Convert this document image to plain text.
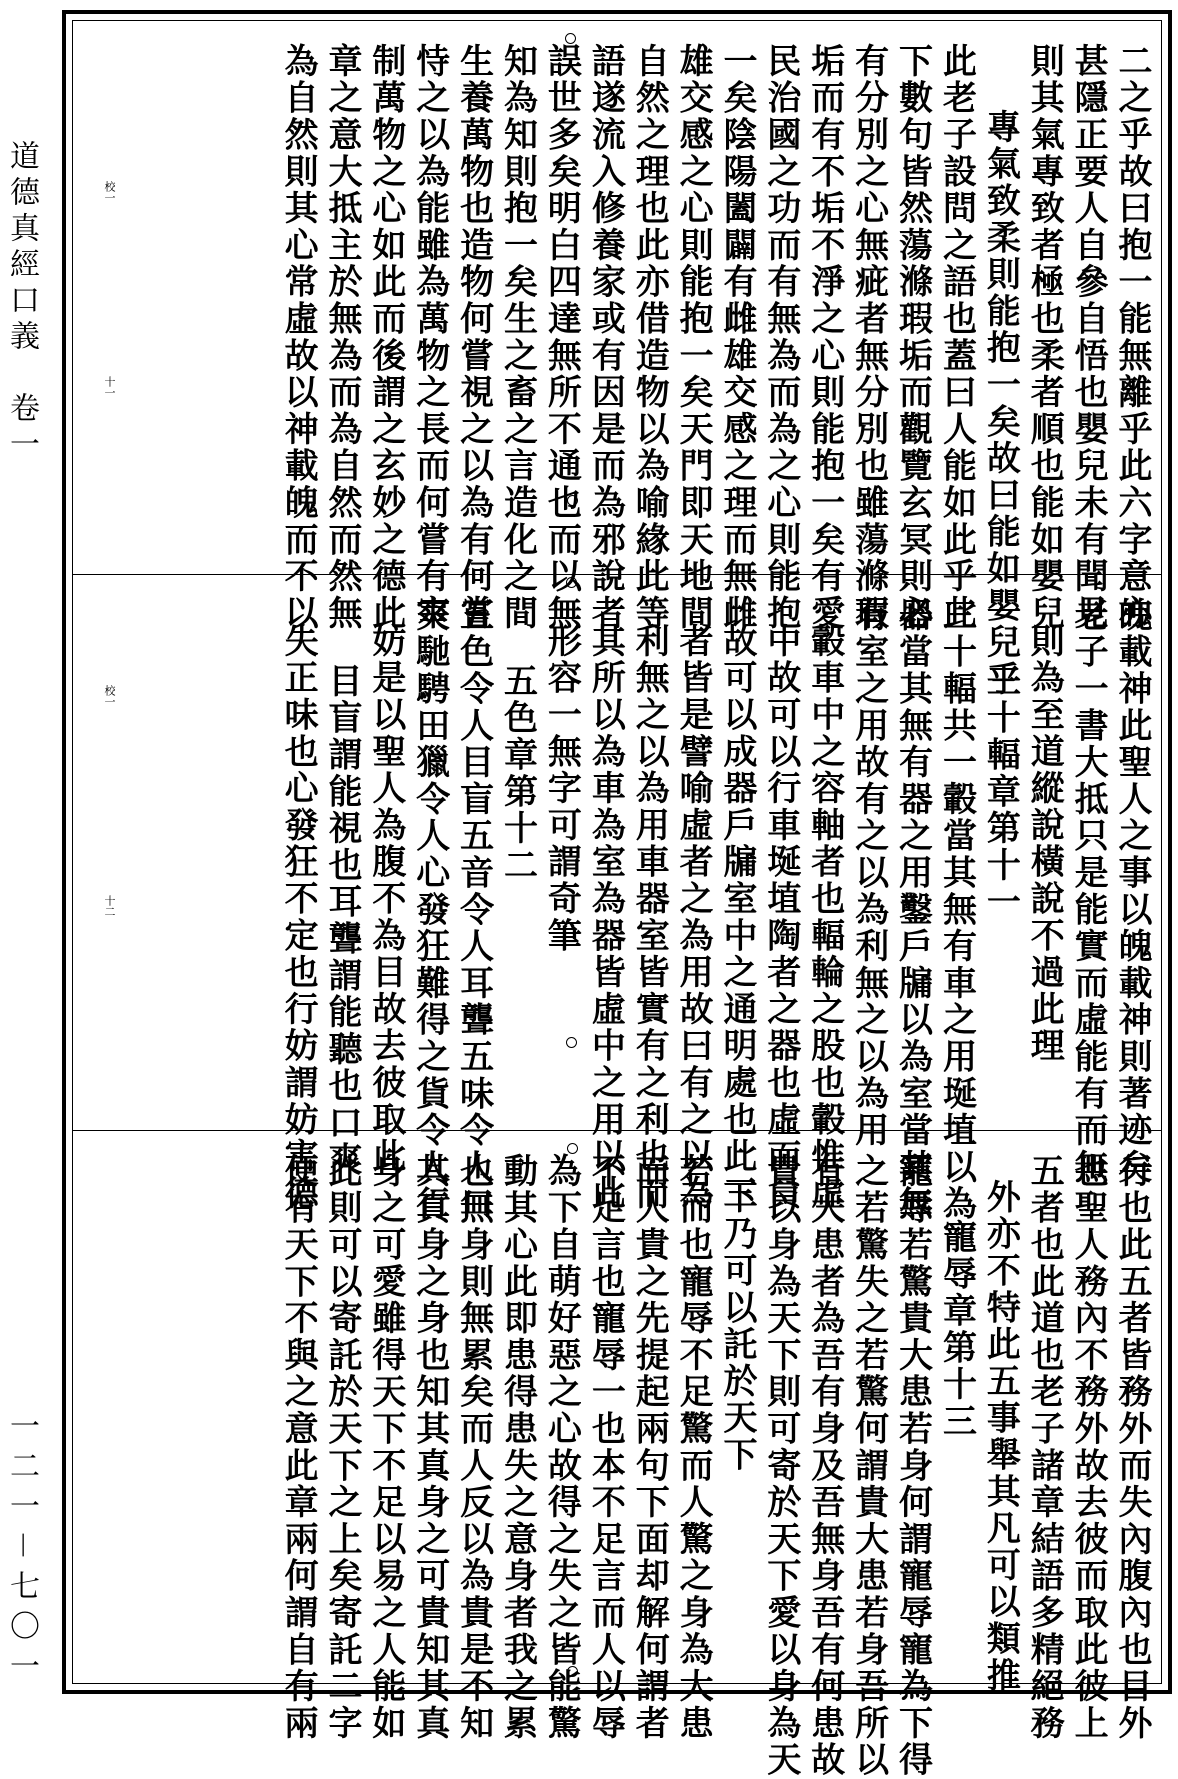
道德真經口義　卷一
一二一－七〇一
二之乎故曰抱一能無離乎此六字意亦
甚隱正要人自參自悟也嬰兒未有聞見
則其氣專致者極也柔者順也能如嬰兒
專氣致柔則能抱一矣故曰能如嬰兒乎
此老子設問之語也蓋曰人能如此乎此
下數句皆然蕩滌瑕垢而觀覽玄冥則必
有分別之心無疵者無分別也雖蕩滌瑕
垢而有不垢不淨之心則能抱一矣有愛
民治國之功而有無為而為之心則能抱
一矣陰陽闔闢有雌雄交感之理而無雌
雄交感之心則能抱一矣天門即天地間
自然之理也此亦借造物以為喻緣此等
語遂流入修養家或有因是而為邪說者
誤世多矣明白四達無所不通也而以無
知為知則抱一矣生之畜之言造化之間
生養萬物也造物何嘗視之以為有何嘗
恃之以為能雖為萬物之長而何嘗有宰
制萬物之心如此而後謂之玄妙之德此
章之意大抵主於無為而為自然而然無
為自然則其心常虛故以神載魄而不以
十一
校一
魄載神此聖人之事以魄載神則著迹矣
老子一書大抵只是能實而虛能有而無
則為至道縱說橫說不過此理
三十輻章第十一
三十輻共一轂當其無有車之用埏埴以為
器當其無有器之用鑿戶牖以為室當其無
有室之用故有之以為利無之以為用
轂車中之容軸者也輻輪之股也轂惟虛
中故可以行車埏埴陶者之器也虛而員
故可以成器戶牖室中之通明處也此三
者皆是譬喻虛者之為用故曰有之以為
利無之以為用車器室皆實有之利也而
其所以為車為室為器皆虛中之用以此
形容一無字可謂奇筆
五色章第十二
五色令人目盲五音令人耳聾五味令人口
爽馳騁田獵令人心發狂難得之貨令人行
妨是以聖人為腹不為目故去彼取此
目盲謂能視也耳聾謂能聽也口爽
失正味也心發狂不定也行妨謂妨害德
十二
校一
行也此五者皆務外而失內腹內也目外
也聖人務內不務外故去彼而取此彼上
五者也此道也老子諸章結語多精絕務
外亦不特此五事舉其凡可以類推
寵辱章第十三
寵辱若驚貴大患若身何謂寵辱寵為下得
之若驚失之若驚何謂貴大患若身吾所以
有大患者為吾有身及吾無身吾有何患故
貴以身為天下則可寄於天下愛以身為天
下乃可以託於天下
若而也寵辱不足驚而人驚之身為大患
而人貴之先提起兩句下面却解何謂者
不足言也寵辱一也本不足言而人以辱
為下自萌好惡之心故得之失之皆能驚
動其心此即患得患失之意身者我之累
也無身則無累矣而人反以為貴是不知
其真身之身也知其真身之可貴知其真
身之可愛雖得天下不足以易之人能如
此則可以寄託於天下之上矣寄託二字
便有天下不與之意此章兩何謂自有兩
